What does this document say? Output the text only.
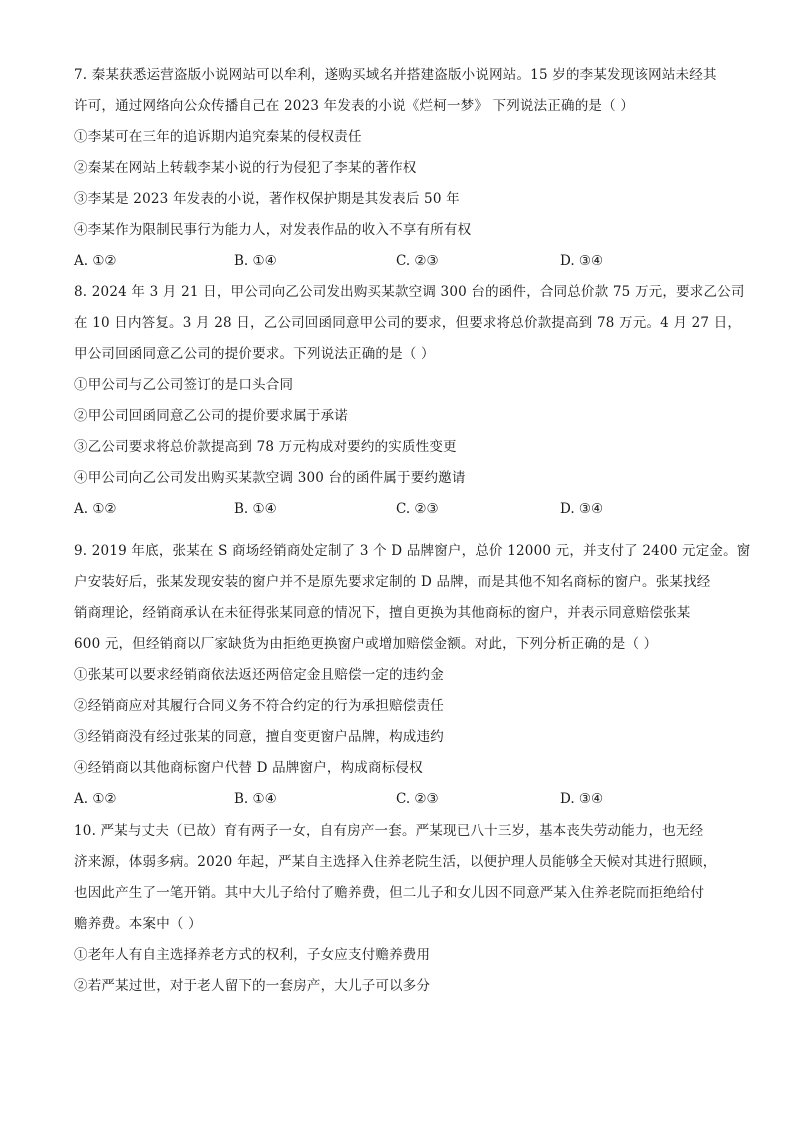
7. 秦某获悉运营盗版小说网站可以牟利，遂购买域名并搭建盗版小说网站。15 岁的李某发现该网站未经其
许可，通过网络向公众传播自己在 2023 年发表的小说《烂柯一梦》 下列说法正确的是（ ）
①李某可在三年的追诉期内追究秦某的侵权责任
②秦某在网站上转载李某小说的行为侵犯了李某的著作权
③李某是 2023 年发表的小说，著作权保护期是其发表后 50 年
④李某作为限制民事行为能力人，对发表作品的收入不享有所有权
A. ①②	B. ①④	C. ②③	D. ③④
8. 2024 年 3 月 21 日，甲公司向乙公司发出购买某款空调 300 台的函件，合同总价款 75 万元，要求乙公司
在 10 日内答复。3 月 28 日，乙公司回函同意甲公司的要求，但要求将总价款提高到 78 万元。4 月 27 日，
甲公司回函同意乙公司的提价要求。下列说法正确的是（ ）
①甲公司与乙公司签订的是口头合同
②甲公司回函同意乙公司的提价要求属于承诺
③乙公司要求将总价款提高到 78 万元构成对要约的实质性变更
④甲公司向乙公司发出购买某款空调 300 台的函件属于要约邀请
A. ①②	B. ①④	C. ②③	D. ③④
9. 2019 年底，张某在 S 商场经销商处定制了 3 个 D 品牌窗户，总价 12000 元，并支付了 2400 元定金。窗
户安装好后，张某发现安装的窗户并不是原先要求定制的 D 品牌，而是其他不知名商标的窗户。张某找经
销商理论，经销商承认在未征得张某同意的情况下，擅自更换为其他商标的窗户，并表示同意赔偿张某
600 元，但经销商以厂家缺货为由拒绝更换窗户或增加赔偿金额。对此，下列分析正确的是（ ）
①张某可以要求经销商依法返还两倍定金且赔偿一定的违约金
②经销商应对其履行合同义务不符合约定的行为承担赔偿责任
③经销商没有经过张某的同意，擅自变更窗户品牌，构成违约
④经销商以其他商标窗户代替 D 品牌窗户，构成商标侵权
A. ①②	B. ①④	C. ②③	D. ③④
10. 严某与丈夫（已故）育有两子一女，自有房产一套。严某现已八十三岁，基本丧失劳动能力，也无经
济来源，体弱多病。2020 年起，严某自主选择入住养老院生活，以便护理人员能够全天候对其进行照顾，
也因此产生了一笔开销。其中大儿子给付了赡养费，但二儿子和女儿因不同意严某入住养老院而拒绝给付
赡养费。本案中（ ）
①老年人有自主选择养老方式的权利，子女应支付赡养费用
②若严某过世，对于老人留下的一套房产，大儿子可以多分
